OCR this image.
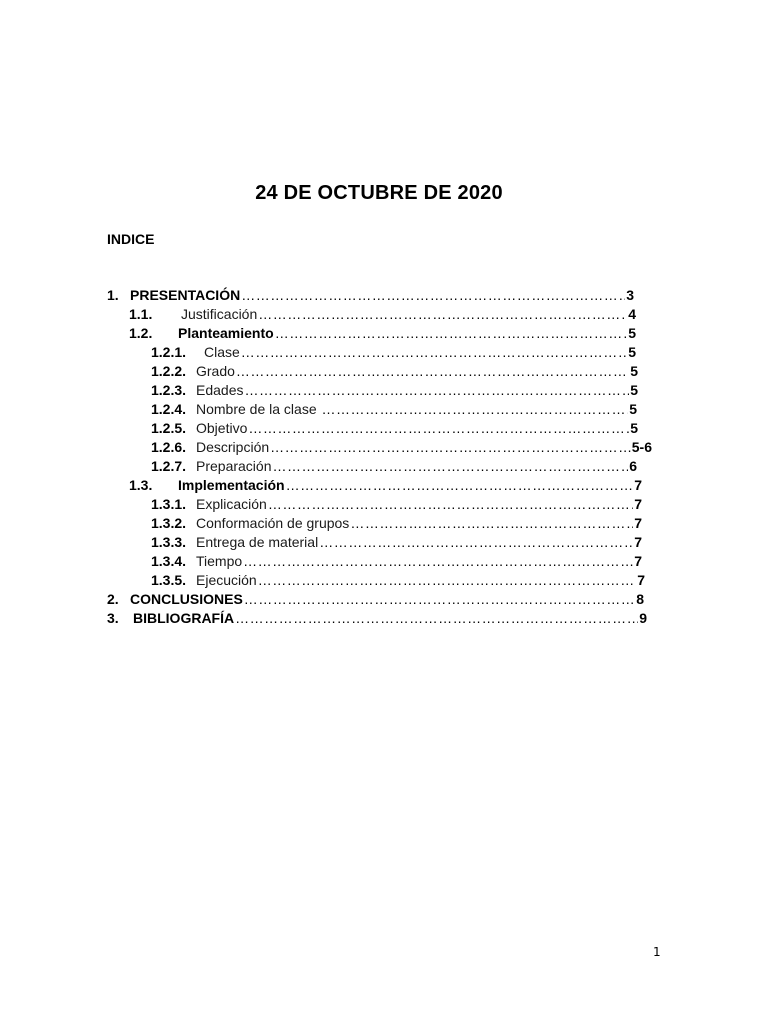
24 DE OCTUBRE DE 2020
INDICE
1. PRESENTACIÓN ……………………………………………………………………………………………………………………………………………	3
1.1.	Justificación ……………………………………………………………………………………………………………………………………………	4
1.2.	Planteamiento ……………………………………………………………………………………………………………………………………………	5
1.2.1.	Clase ……………………………………………………………………………………………………………………………………………	5
1.2.2. Grado ……………………………………………………………………………………………………………………………………………	5
1.2.3. Edades ……………………………………………………………………………………………………………………………………………	5
1.2.4. Nombre de la clase ……………………………………………………………………………………………………………………………………………	5
1.2.5. Objetivo ……………………………………………………………………………………………………………………………………………	5
1.2.6. Descripción ……………………………………………………………………………………………………………………………………………	5-6
1.2.7. Preparación ……………………………………………………………………………………………………………………………………………	6
1.3.	Implementación ……………………………………………………………………………………………………………………………………………	7
1.3.1. Explicación ……………………………………………………………………………………………………………………………………………	7
1.3.2. Conformación de grupos ……………………………………………………………………………………………………………………………………………	7
1.3.3. Entrega de material ……………………………………………………………………………………………………………………………………………	7
1.3.4. Tiempo ……………………………………………………………………………………………………………………………………………	7
1.3.5. Ejecución ……………………………………………………………………………………………………………………………………………	7
2. CONCLUSIONES ……………………………………………………………………………………………………………………………………………	8
3.	BIBLIOGRAFÍA ……………………………………………………………………………………………………………………………………………	9
1
